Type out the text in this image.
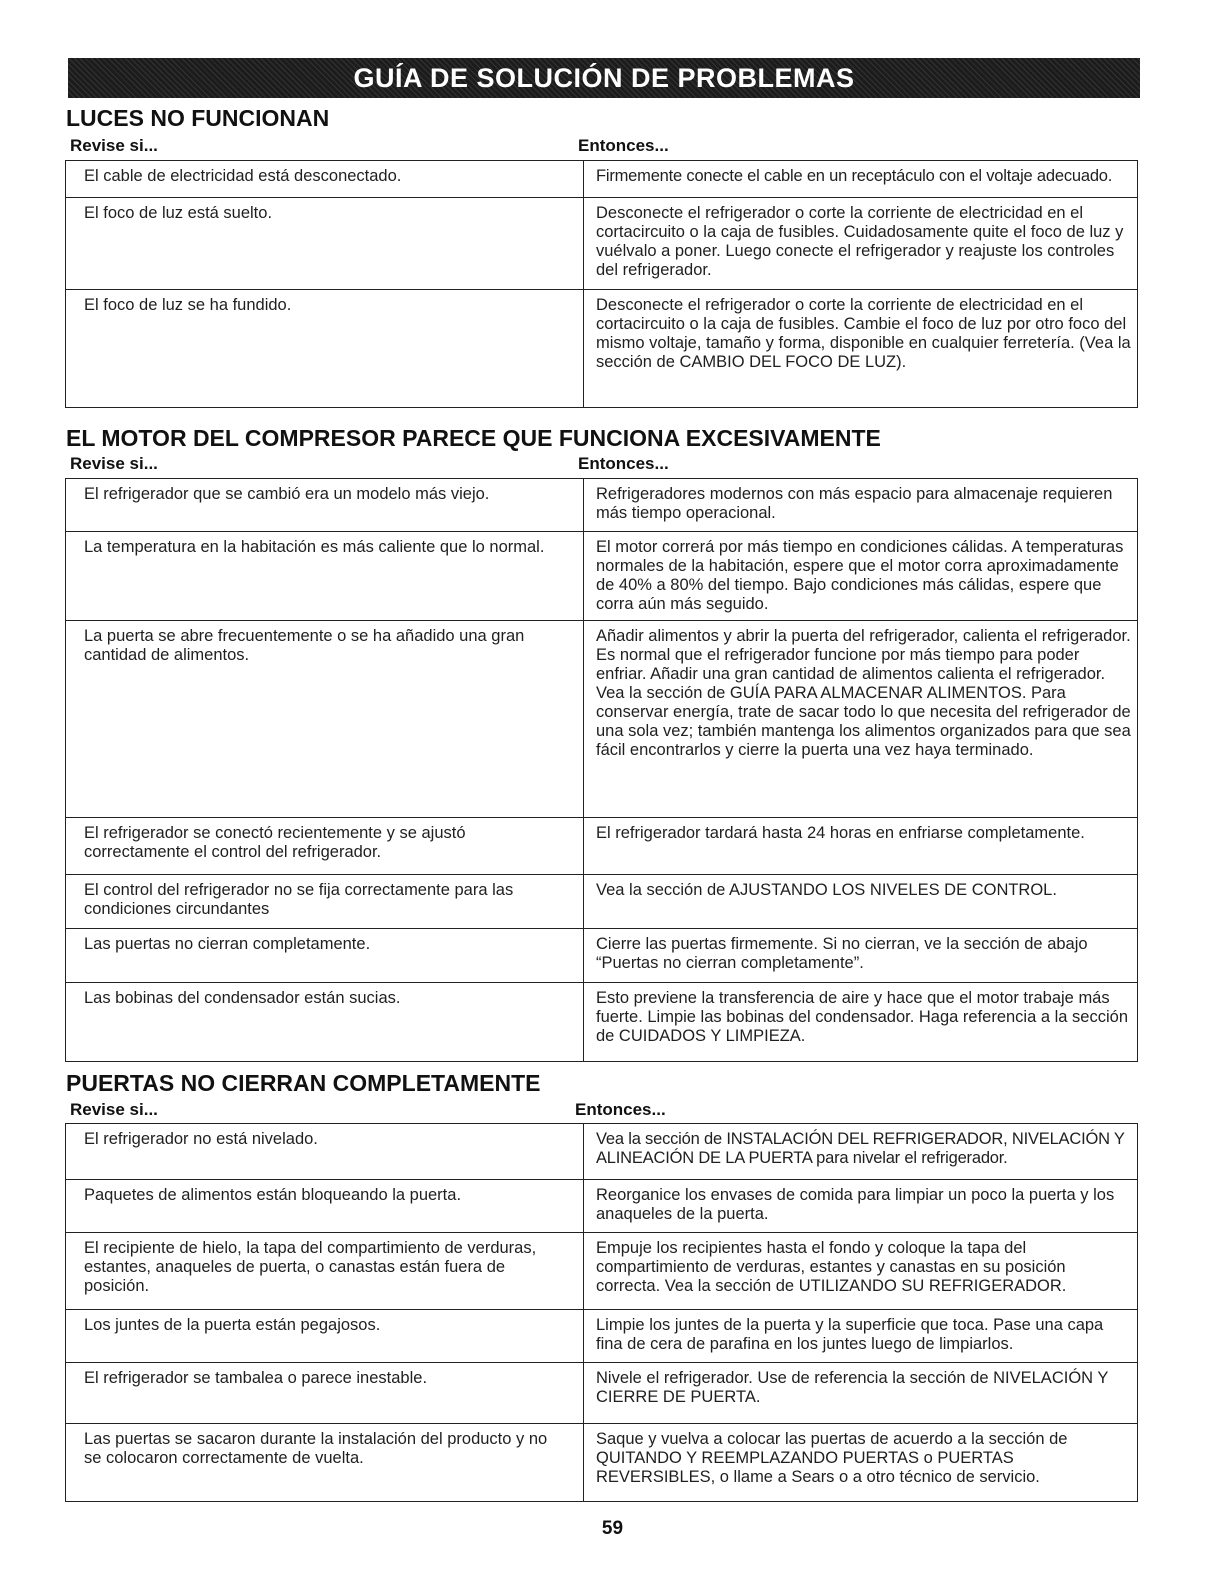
GUÍA DE SOLUCIÓN DE PROBLEMAS
LUCES NO FUNCIONAN
Revise si...	Entonces...
El cable de electricidad está desconectado.	Firmemente conecte el cable en un receptáculo con el voltaje adecuado.
El foco de luz está suelto.	Desconecte el refrigerador o corte la corriente de electricidad en el cortacircuito o la caja de fusibles. Cuidadosamente quite el foco de luz y vuélvalo a poner. Luego conecte el refrigerador y reajuste los controles del refrigerador.
El foco de luz se ha fundido.	Desconecte el refrigerador o corte la corriente de electricidad en el cortacircuito o la caja de fusibles. Cambie el foco de luz por otro foco del mismo voltaje, tamaño y forma, disponible en cualquier ferretería. (Vea la sección de CAMBIO DEL FOCO DE LUZ).
EL MOTOR DEL COMPRESOR PARECE QUE FUNCIONA EXCESIVAMENTE
Revise si...	Entonces...
El refrigerador que se cambió era un modelo más viejo.	Refrigeradores modernos con más espacio para almacenaje requieren más tiempo operacional.
La temperatura en la habitación es más caliente que lo normal.	El motor correrá por más tiempo en condiciones cálidas. A temperaturas normales de la habitación, espere que el motor corra aproximadamente de 40% a 80% del tiempo. Bajo condiciones más cálidas, espere que corra aún más seguido.
La puerta se abre frecuentemente o se ha añadido una gran cantidad de alimentos.	Añadir alimentos y abrir la puerta del refrigerador, calienta el refrigerador. Es normal que el refrigerador funcione por más tiempo para poder enfriar. Añadir una gran cantidad de alimentos calienta el refrigerador. Vea la sección de GUÍA PARA ALMACENAR ALIMENTOS. Para conservar energía, trate de sacar todo lo que necesita del refrigerador de una sola vez; también mantenga los alimentos organizados para que sea fácil encontrarlos y cierre la puerta una vez haya terminado.
El refrigerador se conectó recientemente y se ajustó correctamente el control del refrigerador.	El refrigerador tardará hasta 24 horas en enfriarse completamente.
El control del refrigerador no se fija correctamente para las condiciones circundantes	Vea la sección de AJUSTANDO LOS NIVELES DE CONTROL.
Las puertas no cierran completamente.	Cierre las puertas firmemente. Si no cierran, ve la sección de abajo “Puertas no cierran completamente”.
Las bobinas del condensador están sucias.	Esto previene la transferencia de aire y hace que el motor trabaje más fuerte. Limpie las bobinas del condensador. Haga referencia a la sección de CUIDADOS Y LIMPIEZA.
PUERTAS NO CIERRAN COMPLETAMENTE
Revise si...	Entonces...
El refrigerador no está nivelado.	Vea la sección de INSTALACIÓN DEL REFRIGERADOR, NIVELACIÓN Y ALINEACIÓN DE LA PUERTA para nivelar el refrigerador.
Paquetes de alimentos están bloqueando la puerta.	Reorganice los envases de comida para limpiar un poco la puerta y los anaqueles de la puerta.
El recipiente de hielo, la tapa del compartimiento de verduras, estantes, anaqueles de puerta, o canastas están fuera de posición.	Empuje los recipientes hasta el fondo y coloque la tapa del compartimiento de verduras, estantes y canastas en su posición correcta. Vea la sección de UTILIZANDO SU REFRIGERADOR.
Los juntes de la puerta están pegajosos.	Limpie los juntes de la puerta y la superficie que toca. Pase una capa fina de cera de parafina en los juntes luego de limpiarlos.
El refrigerador se tambalea o parece inestable.	Nivele el refrigerador. Use de referencia la sección de NIVELACIÓN Y CIERRE DE PUERTA.
Las puertas se sacaron durante la instalación del producto y no se colocaron correctamente de vuelta.	Saque y vuelva a colocar las puertas de acuerdo a la sección de QUITANDO Y REEMPLAZANDO PUERTAS o PUERTAS REVERSIBLES, o llame a Sears o a otro técnico de servicio.
59
